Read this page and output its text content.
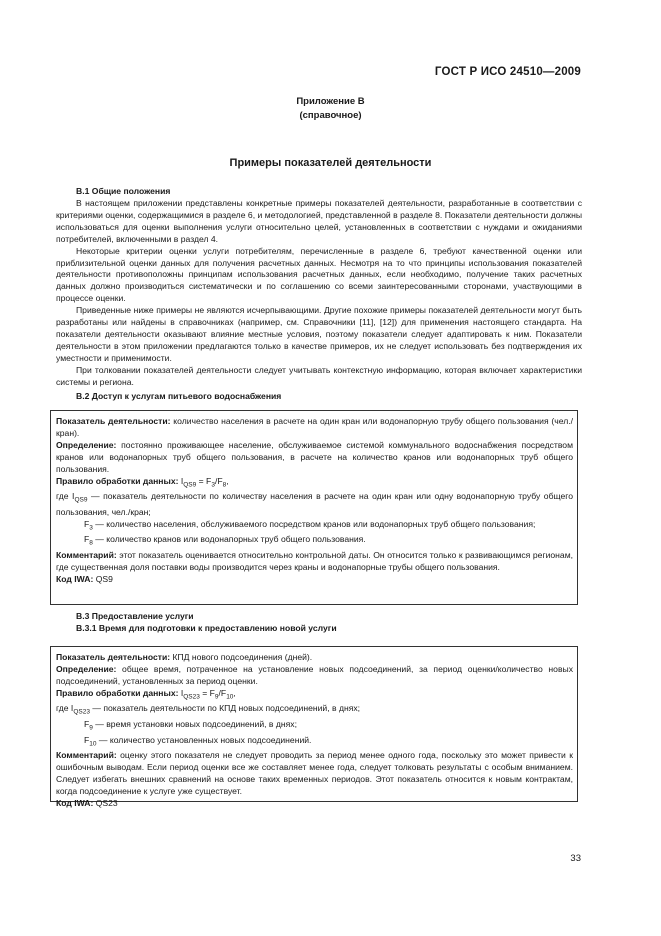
ГОСТ Р ИСО 24510—2009
Приложение В
(справочное)
Примеры показателей деятельности
В.1 Общие положения

В настоящем приложении представлены конкретные примеры показателей деятельности, разработанные в соответствии с критериями оценки, содержащимися в разделе 6, и методологией, представленной в разделе 8. Показатели деятельности должны использоваться для оценки выполнения услуги относительно целей, установленных в соответствии с нуждами и ожиданиями потребителей, включенными в раздел 4.

Некоторые критерии оценки услуги потребителям, перечисленные в разделе 6, требуют качественной оценки или приблизительной оценки данных для получения расчетных данных. Несмотря на то что принципы использования показателей деятельности противоположны принципам использования расчетных данных, если необходимо, получение таких расчетных данных должно производиться систематически и по соглашению со всеми заинтересованными сторонами, участвующими в процессе оценки.

Приведенные ниже примеры не являются исчерпывающими. Другие похожие примеры показателей деятельности могут быть разработаны или найдены в справочниках (например, см. Справочники [11], [12]) для применения настоящего стандарта. На показатели деятельности оказывают влияние местные условия, поэтому показатели следует адаптировать к ним. Показатели деятельности в этом приложении предлагаются только в качестве примеров, их не следует использовать без подтверждения их уместности и применимости.

При толковании показателей деятельности следует учитывать контекстную информацию, которая включает характеристики системы и региона.

В.2 Доступ к услугам питьевого водоснабжения

Показатель деятельности: количество населения в расчете на один кран или водонапорную трубу общего пользования (чел./кран).

Определение: постоянно проживающее население, обслуживаемое системой коммунального водоснабжения посредством кранов или водонапорных труб общего пользования, в расчете на количество кранов или водонапорных труб общего пользования.

Правило обработки данных: $I_{QS9} = F_3/F_8$,

где $I_{QS9}$ — показатель деятельности по количеству населения в расчете на один кран или одну водонапорную трубу общего пользования, чел./кран;

$F_3$ — количество населения, обслуживаемого посредством кранов или водонапорных труб общего пользования;

$F_8$ — количество кранов или водонапорных труб общего пользования.

Комментарий: этот показатель оценивается относительно контрольной даты. Он относится только к развивающимся регионам, где существенная доля поставки воды производится через краны и водонапорные трубы общего пользования.

Код IWA: QS9

В.3 Предоставление услуги
В.3.1 Время для подготовки к предоставлению новой услуги

Показатель деятельности: КПД нового подсоединения (дней).

Определение: общее время, потраченное на установление новых подсоединений, за период оценки/количество новых подсоединений, установленных за период оценки.

Правило обработки данных: $I_{QS23} = F_9/F_{10}$,

где $I_{QS23}$ — показатель деятельности по КПД новых подсоединений, в днях;

$F_9$ — время установки новых подсоединений, в днях;

$F_{10}$ — количество установленных новых подсоединений.

Комментарий: оценку этого показателя не следует проводить за период менее одного года, поскольку это может привести к ошибочным выводам. Если период оценки все же составляет менее года, следует толковать результаты с особым вниманием. Следует избегать внешних сравнений на основе таких временных периодов. Этот показатель относится к новым контрактам, когда подсоединение к услуге уже существует.

Код IWA: QS23

33
